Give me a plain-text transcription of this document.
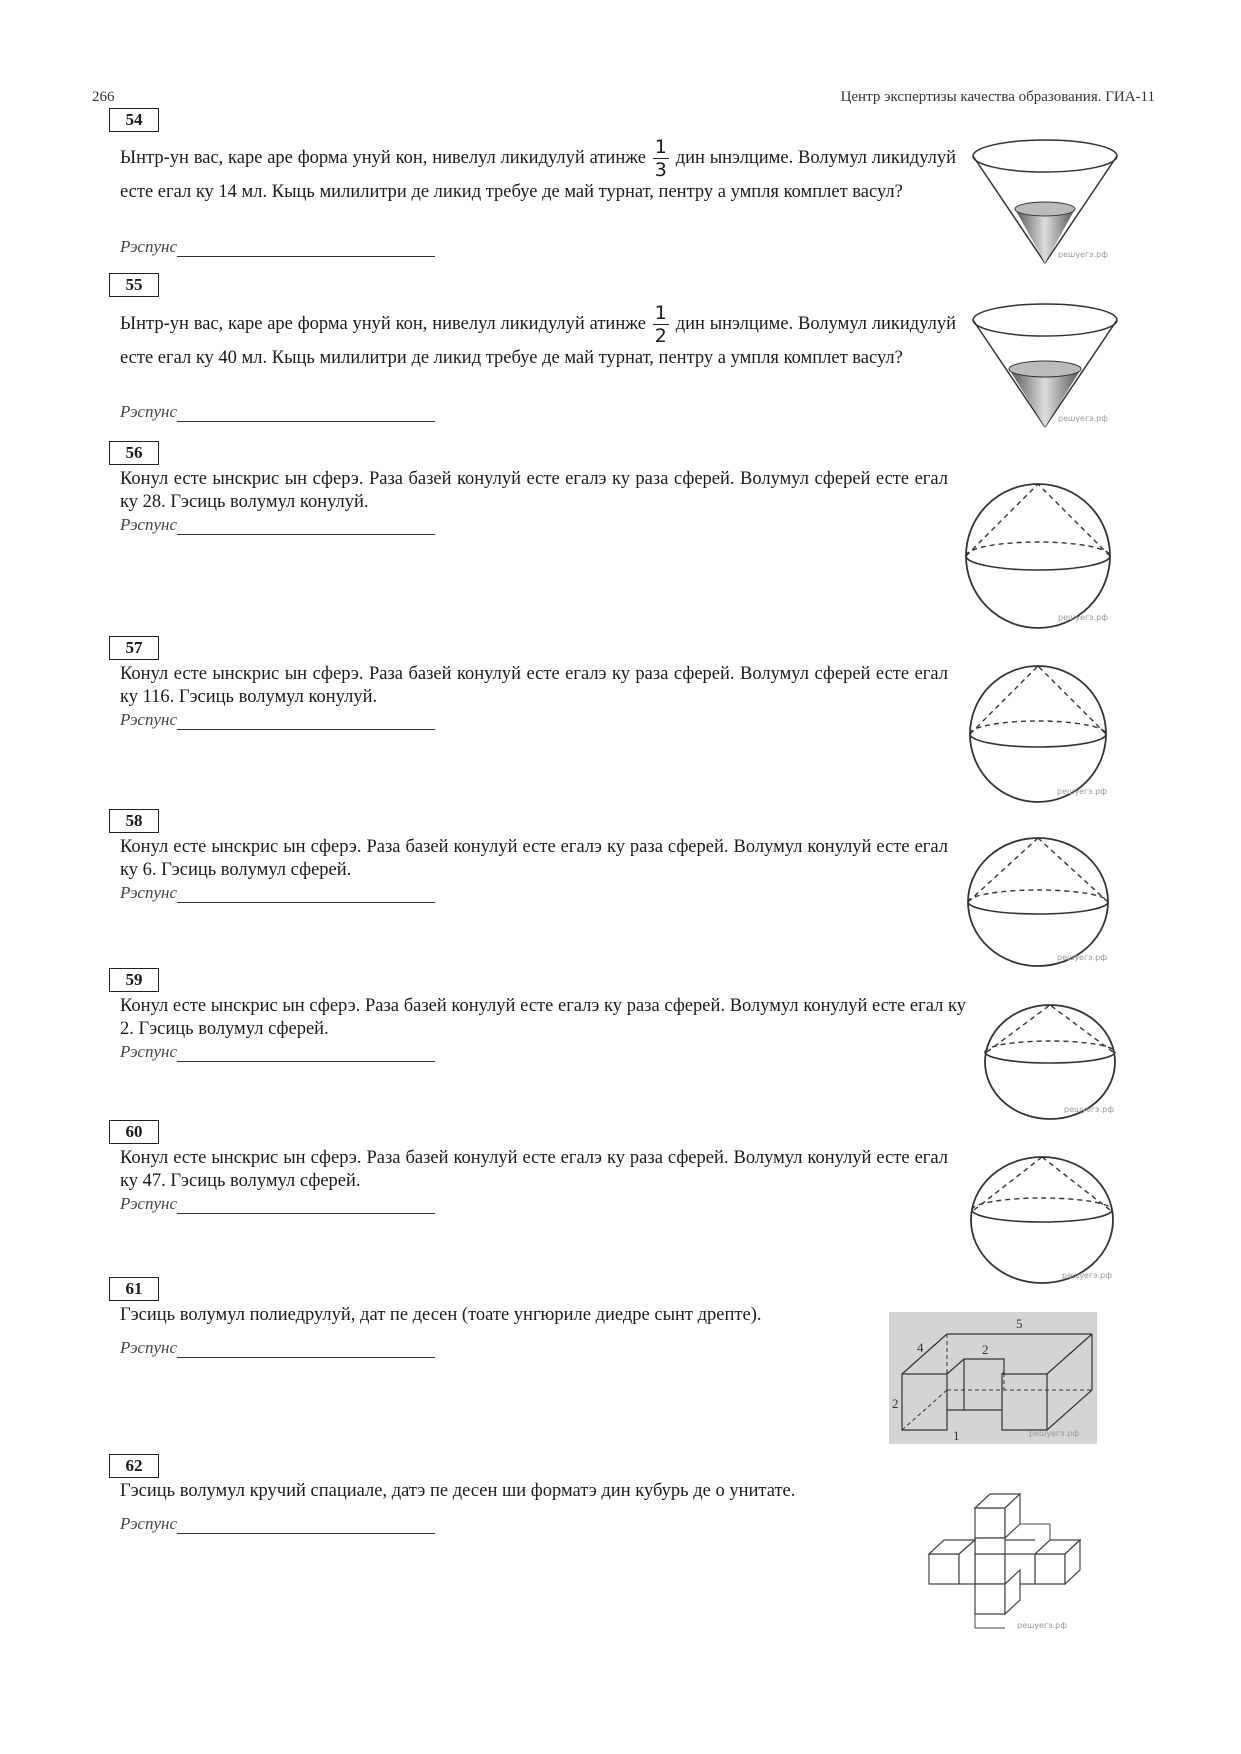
266	Центр экспертизы качества образования. ГИА-11
54
Ынтр-ун вас, каре аре форма унуй кон, нивелул ликидулуй атинже $\frac{1}{3}$ дин ынэлциме. Волумул ликидулуй есте егал ку 14 мл. Кыць милилитри де ликид требуе де май турнат, пентру а умпля комплет васул?
Рэспунс	решуегэ.рф
55
Ынтр-ун вас, каре аре форма унуй кон, нивелул ликидулуй атинже $\frac{1}{2}$ дин ынэлциме. Волумул ликидулуй есте егал ку 40 мл. Кыць милилитри де ликид требуе де май турнат, пентру а умпля комплет васул?
Рэспунс	решуегэ.рф
56
Конул есте ынскрис ын сферэ. Раза базей конулуй есте егалэ ку раза сферeй. Волумул сферeй есте егал ку 28. Гэсиць волумул конулуй.
Рэспунс
решуегэ.рф
57
Конул есте ынскрис ын сферэ. Раза базей конулуй есте егалэ ку раза сферeй. Волумул сферeй есте егал ку 116. Гэсиць волумул конулуй.
Рэспунс
решуегэ.рф
58
Конул есте ынскрис ын сферэ. Раза базей конулуй есте егалэ ку раза сферeй. Волумул конулуй есте егал ку 6. Гэсиць волумул сферeй.
Рэспунс
решуегэ.рф
59
Конул есте ынскрис ын сферэ. Раза базей конулуй есте егалэ ку раза сферeй. Волумул конулуй есте егал ку 2. Гэсиць волумул сферeй.
Рэспунс
решуегэ.рф
60
Конул есте ынскрис ын сферэ. Раза базей конулуй есте егалэ ку раза сферeй. Волумул конулуй есте егал ку 47. Гэсиць волумул сферeй.
Рэспунс
решуегэ.рф
61
Гэсиць волумул полиедрулуй, дат пе десен (тоате унгюриле диедре сынт дрепте).
Рэспунс
5
4	2
2
1	решуегэ.рф
62
Гэсиць волумул кручий спациале, датэ пе десен ши форматэ дин кубурь де о унитате.
Рэспунс
решуегэ.рф
